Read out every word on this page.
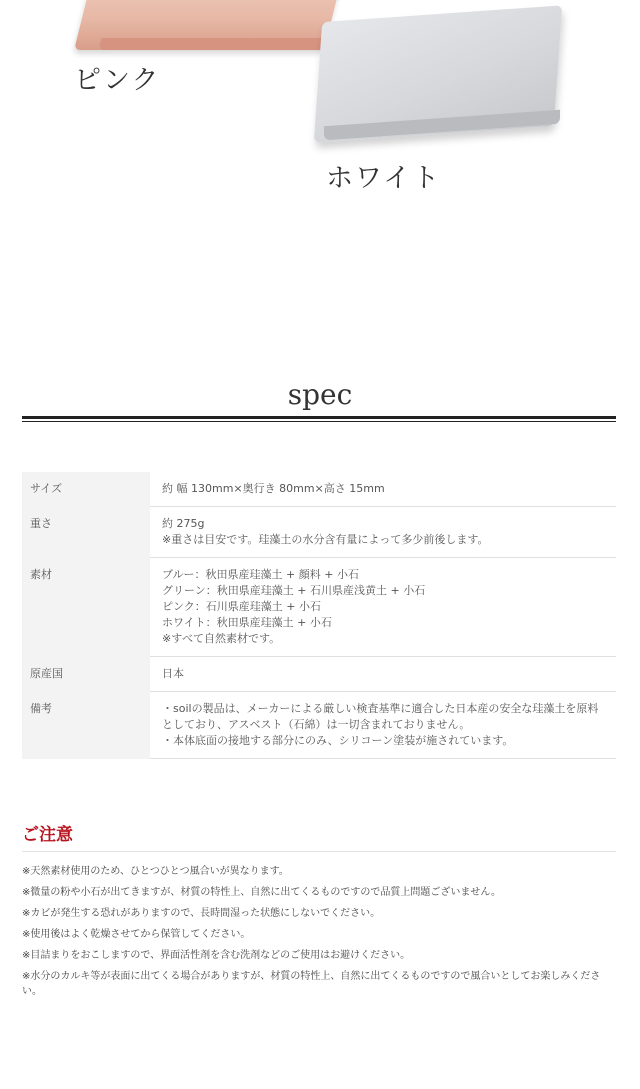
ピンク
ホワイト
spec
サイズ	約 幅 130mm×奥行き 80mm×高さ 15mm
重さ	約 275g
※重さは目安です。珪藻土の水分含有量によって多少前後します。
素材	ブルー：秋田県産珪藻土 + 顔料 + 小石
グリーン：秋田県産珪藻土 + 石川県産浅黄土 + 小石
ピンク：石川県産珪藻土 + 小石
ホワイト：秋田県産珪藻土 + 小石
※すべて自然素材です。
原産国	日本
備考	・soilの製品は、メーカーによる厳しい検査基準に適合した日本産の安全な珪藻土を原料としており、アスベスト（石綿）は一切含まれておりません。
・本体底面の接地する部分にのみ、シリコーン塗装が施されています。
ご注意
※天然素材使用のため、ひとつひとつ風合いが異なります。
※微量の粉や小石が出てきますが、材質の特性上、自然に出てくるものですので品質上問題ございません。
※カビが発生する恐れがありますので、長時間湿った状態にしないでください。
※使用後はよく乾燥させてから保管してください。
※目詰まりをおこしますので、界面活性剤を含む洗剤などのご使用はお避けください。
※水分のカルキ等が表面に出てくる場合がありますが、材質の特性上、自然に出てくるものですので風合いとしてお楽しみください。
